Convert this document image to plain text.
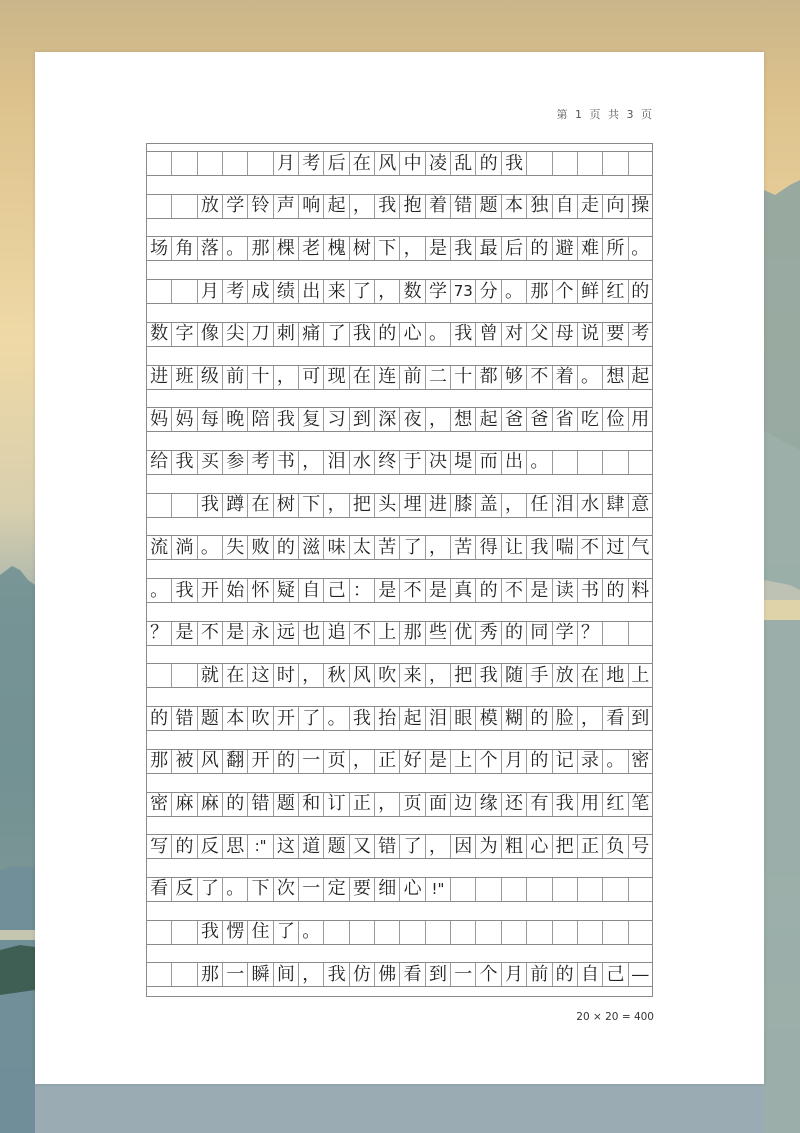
第 1 页 共 3 页
月 考 后 在 风 中 凌 乱 的 我
放 学 铃 声 响 起 ， 我 抱 着 错 题 本 独 自 走 向 操
场 角 落 。 那 棵 老 槐 树 下 ， 是 我 最 后 的 避 难 所 。
月 考 成 绩 出 来 了 ， 数 学 73 分 。 那 个 鲜 红 的
数 字 像 尖 刀 刺 痛 了 我 的 心 。 我 曾 对 父 母 说 要 考
进 班 级 前 十 ， 可 现 在 连 前 二 十 都 够 不 着 。 想 起
妈 妈 每 晚 陪 我 复 习 到 深 夜 ， 想 起 爸 爸 省 吃 俭 用
给 我 买 参 考 书 ， 泪 水 终 于 决 堤 而 出 。
我 蹲 在 树 下 ， 把 头 埋 进 膝 盖 ， 任 泪 水 肆 意
流 淌 。 失 败 的 滋 味 太 苦 了 ， 苦 得 让 我 喘 不 过 气
。 我 开 始 怀 疑 自 己 ： 是 不 是 真 的 不 是 读 书 的 料
？ 是 不 是 永 远 也 追 不 上 那 些 优 秀 的 同 学 ？
就 在 这 时 ， 秋 风 吹 来 ， 把 我 随 手 放 在 地 上
的 错 题 本 吹 开 了 。 我 抬 起 泪 眼 模 糊 的 脸 ， 看 到
那 被 风 翻 开 的 一 页 ， 正 好 是 上 个 月 的 记 录 。 密
密 麻 麻 的 错 题 和 订 正 ， 页 面 边 缘 还 有 我 用 红 笔
写 的 反 思 :" 这 道 题 又 错 了 ， 因 为 粗 心 把 正 负 号
看 反 了 。 下 次 一 定 要 细 心 !"
我 愣 住 了 。
那 一 瞬 间 ， 我 仿 佛 看 到 一 个 月 前 的 自 己 —
20 × 20 = 400
